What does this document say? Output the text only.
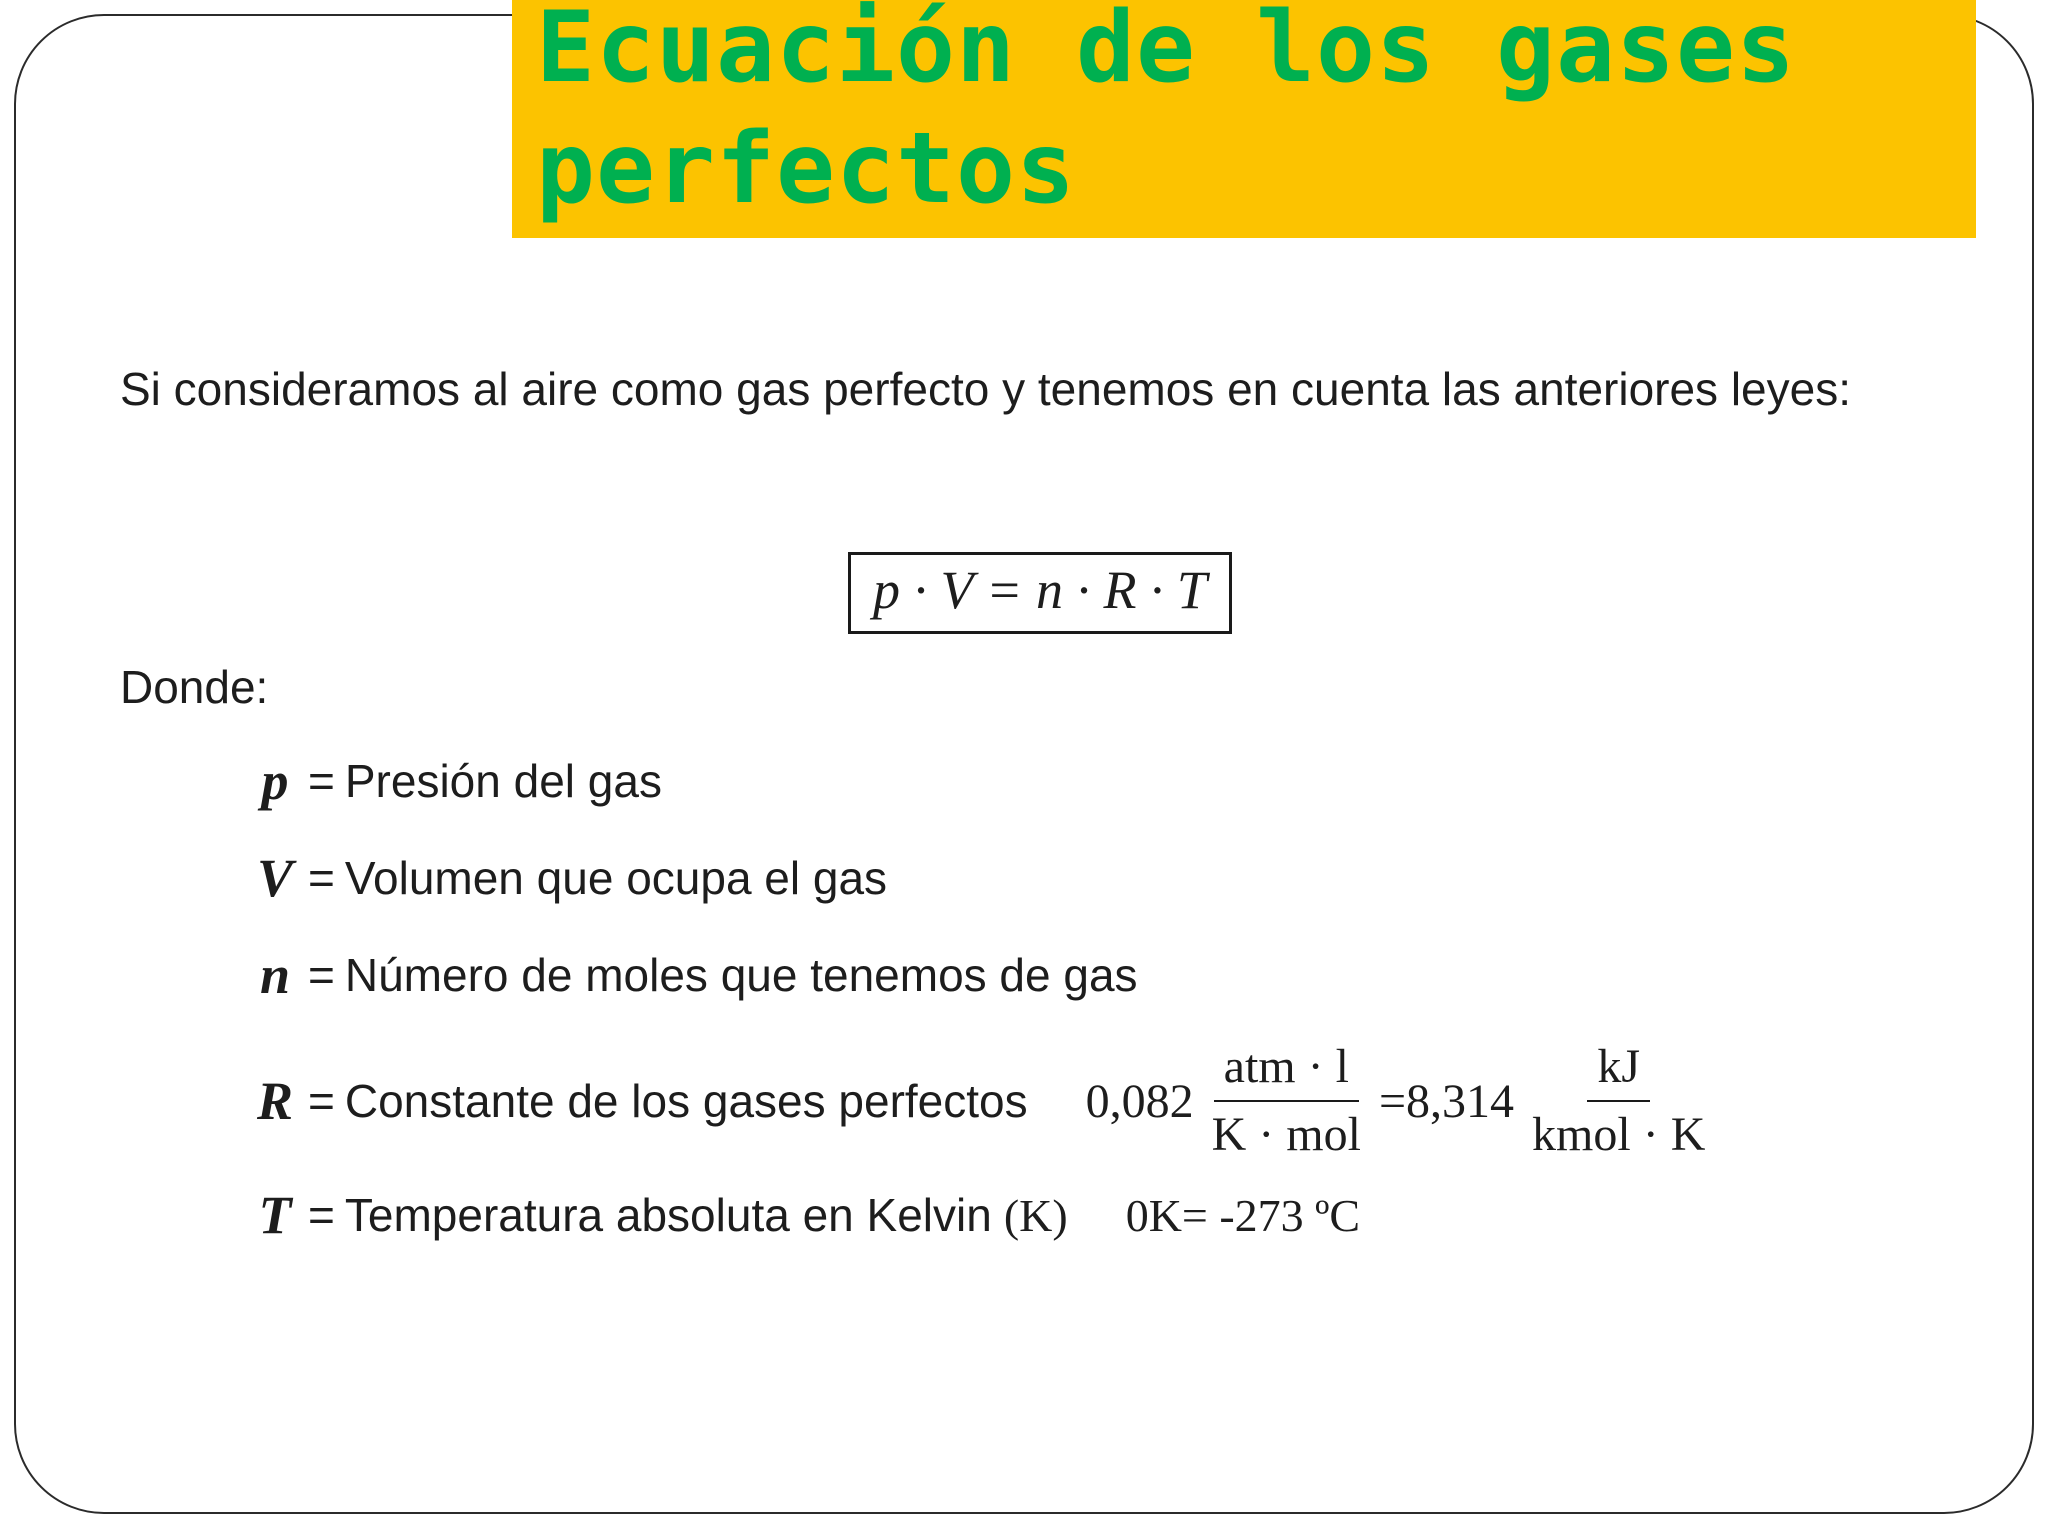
Ecuación de los gases
perfectos

Si consideramos al aire como gas perfecto y tenemos en cuenta las anteriores leyes:

p · V = n · R · T

Donde:

p = Presión del gas
V = Volumen que ocupa el gas
n = Número de moles que tenemos de gas
R = Constante de los gases perfectos $0,082 \frac{\text{atm · l}}{\text{K · mol}} = 8,314 \frac{kJ}{\text{kmol · K}}$
T = Temperatura absoluta en Kelvin (K) 0K= -273 ºC
